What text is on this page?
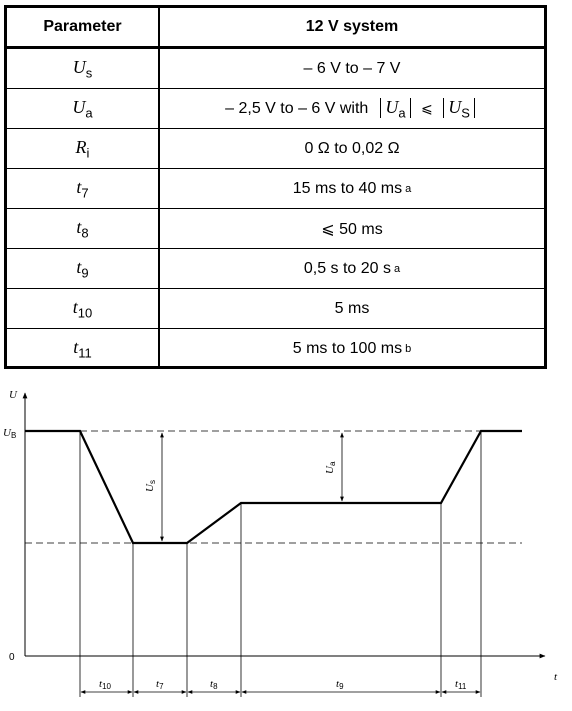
Parameter	12 V system
$U_s$	– 6 V to – 7 V
$U_a$	– 2,5 V to – 6 V with $U_a$ ⩽ $U_S$
$R_i$	0 Ω to 0,02 Ω
$t_7$	15 ms to 40 ms a
$t_8$	⩽ 50 ms
$t_9$	0,5 s to 20 s a
$t_{10}$	5 ms
$t_{11}$	5 ms to 100 ms b
U
t
0
UB
Us
Ua
t10	t7	t8	t9	t11
